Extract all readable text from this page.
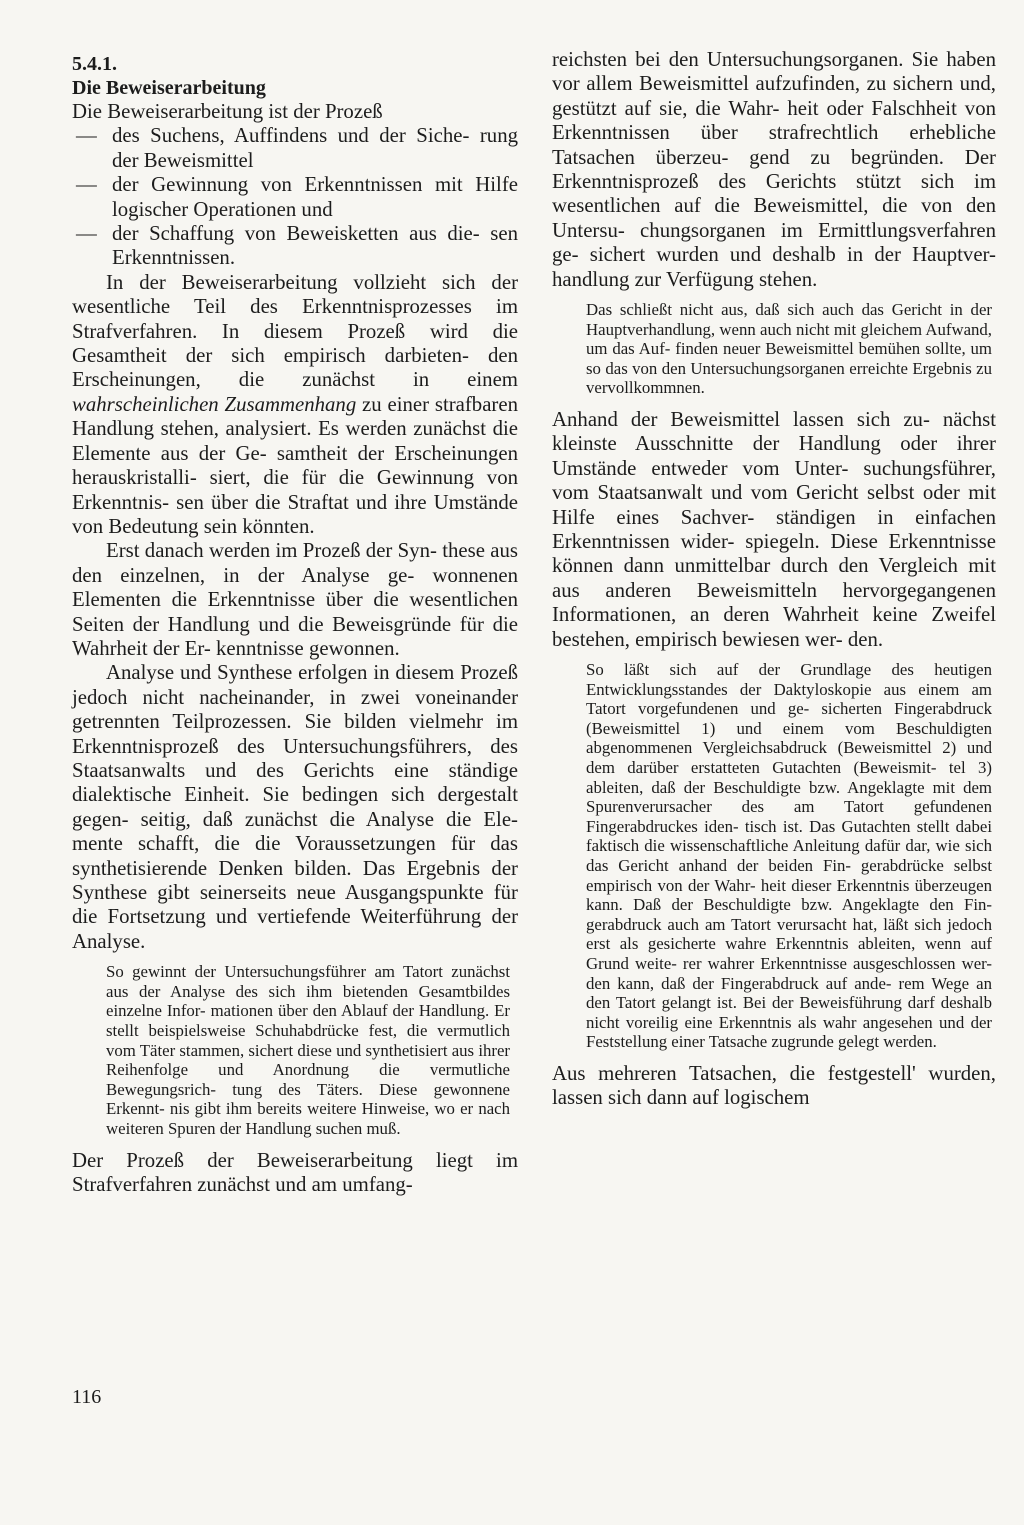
5.4.1.

Die Beweiserarbeitung

Die Beweiserarbeitung ist der Prozeß

— des Suchens, Auffindens und der Siche- rung der Beweismittel
— der Gewinnung von Erkenntnissen mit Hilfe logischer Operationen und
— der Schaffung von Beweisketten aus die- sen Erkenntnissen.

In der Beweiserarbeitung vollzieht sich der wesentliche Teil des Erkenntnisprozesses im Strafverfahren. In diesem Prozeß wird die Gesamtheit der sich empirisch darbieten- den Erscheinungen, die zunächst in einem wahrscheinlichen Zusammenhang zu einer strafbaren Handlung stehen, analysiert. Es werden zunächst die Elemente aus der Ge- samtheit der Erscheinungen herauskristalli- siert, die für die Gewinnung von Erkenntnis- sen über die Straftat und ihre Umstände von Bedeutung sein könnten.

Erst danach werden im Prozeß der Syn- these aus den einzelnen, in der Analyse ge- wonnenen Elementen die Erkenntnisse über die wesentlichen Seiten der Handlung und die Beweisgründe für die Wahrheit der Er- kenntnisse gewonnen.

Analyse und Synthese erfolgen in diesem Prozeß jedoch nicht nacheinander, in zwei voneinander getrennten Teilprozessen. Sie bilden vielmehr im Erkenntnisprozeß des Untersuchungsführers, des Staatsanwalts und des Gerichts eine ständige dialektische Einheit. Sie bedingen sich dergestalt gegen- seitig, daß zunächst die Analyse die Ele- mente schafft, die die Voraussetzungen für das synthetisierende Denken bilden. Das Ergebnis der Synthese gibt seinerseits neue Ausgangspunkte für die Fortsetzung und vertiefende Weiterführung der Analyse.

So gewinnt der Untersuchungsführer am Tatort zunächst aus der Analyse des sich ihm bietenden Gesamtbildes einzelne Infor- mationen über den Ablauf der Handlung. Er stellt beispielsweise Schuhabdrücke fest, die vermutlich vom Täter stammen, sichert diese und synthetisiert aus ihrer Reihenfolge und Anordnung die vermutliche Bewegungsrich- tung des Täters. Diese gewonnene Erkennt- nis gibt ihm bereits weitere Hinweise, wo er nach weiteren Spuren der Handlung suchen muß.

Der Prozeß der Beweiserarbeitung liegt im Strafverfahren zunächst und am umfang-

reichsten bei den Untersuchungsorganen. Sie haben vor allem Beweismittel aufzufinden, zu sichern und, gestützt auf sie, die Wahr- heit oder Falschheit von Erkenntnissen über strafrechtlich erhebliche Tatsachen überzeu- gend zu begründen. Der Erkenntnisprozeß des Gerichts stützt sich im wesentlichen auf die Beweismittel, die von den Untersu- chungsorganen im Ermittlungsverfahren ge- sichert wurden und deshalb in der Hauptver- handlung zur Verfügung stehen.

Das schließt nicht aus, daß sich auch das Gericht in der Hauptverhandlung, wenn auch nicht mit gleichem Aufwand, um das Auf- finden neuer Beweismittel bemühen sollte, um so das von den Untersuchungsorganen erreichte Ergebnis zu vervollkommnen.

Anhand der Beweismittel lassen sich zu- nächst kleinste Ausschnitte der Handlung oder ihrer Umstände entweder vom Unter- suchungsführer, vom Staatsanwalt und vom Gericht selbst oder mit Hilfe eines Sachver- ständigen in einfachen Erkenntnissen wider- spiegeln. Diese Erkenntnisse können dann unmittelbar durch den Vergleich mit aus anderen Beweismitteln hervorgegangenen Informationen, an deren Wahrheit keine Zweifel bestehen, empirisch bewiesen wer- den.

So läßt sich auf der Grundlage des heutigen Entwicklungsstandes der Daktyloskopie aus einem am Tatort vorgefundenen und ge- sicherten Fingerabdruck (Beweismittel 1) und einem vom Beschuldigten abgenommenen Vergleichsabdruck (Beweismittel 2) und dem darüber erstatteten Gutachten (Beweismit- tel 3) ableiten, daß der Beschuldigte bzw. Angeklagte mit dem Spurenverursacher des am Tatort gefundenen Fingerabdruckes iden- tisch ist. Das Gutachten stellt dabei faktisch die wissenschaftliche Anleitung dafür dar, wie sich das Gericht anhand der beiden Fin- gerabdrücke selbst empirisch von der Wahr- heit dieser Erkenntnis überzeugen kann. Daß der Beschuldigte bzw. Angeklagte den Fin- gerabdruck auch am Tatort verursacht hat, läßt sich jedoch erst als gesicherte wahre Erkenntnis ableiten, wenn auf Grund weite- rer wahrer Erkenntnisse ausgeschlossen wer- den kann, daß der Fingerabdruck auf ande- rem Wege an den Tatort gelangt ist. Bei der Beweisführung darf deshalb nicht voreilig eine Erkenntnis als wahr angesehen und der Feststellung einer Tatsache zugrunde gelegt werden.

Aus mehreren Tatsachen, die festgestell' wurden, lassen sich dann auf logischem

116
